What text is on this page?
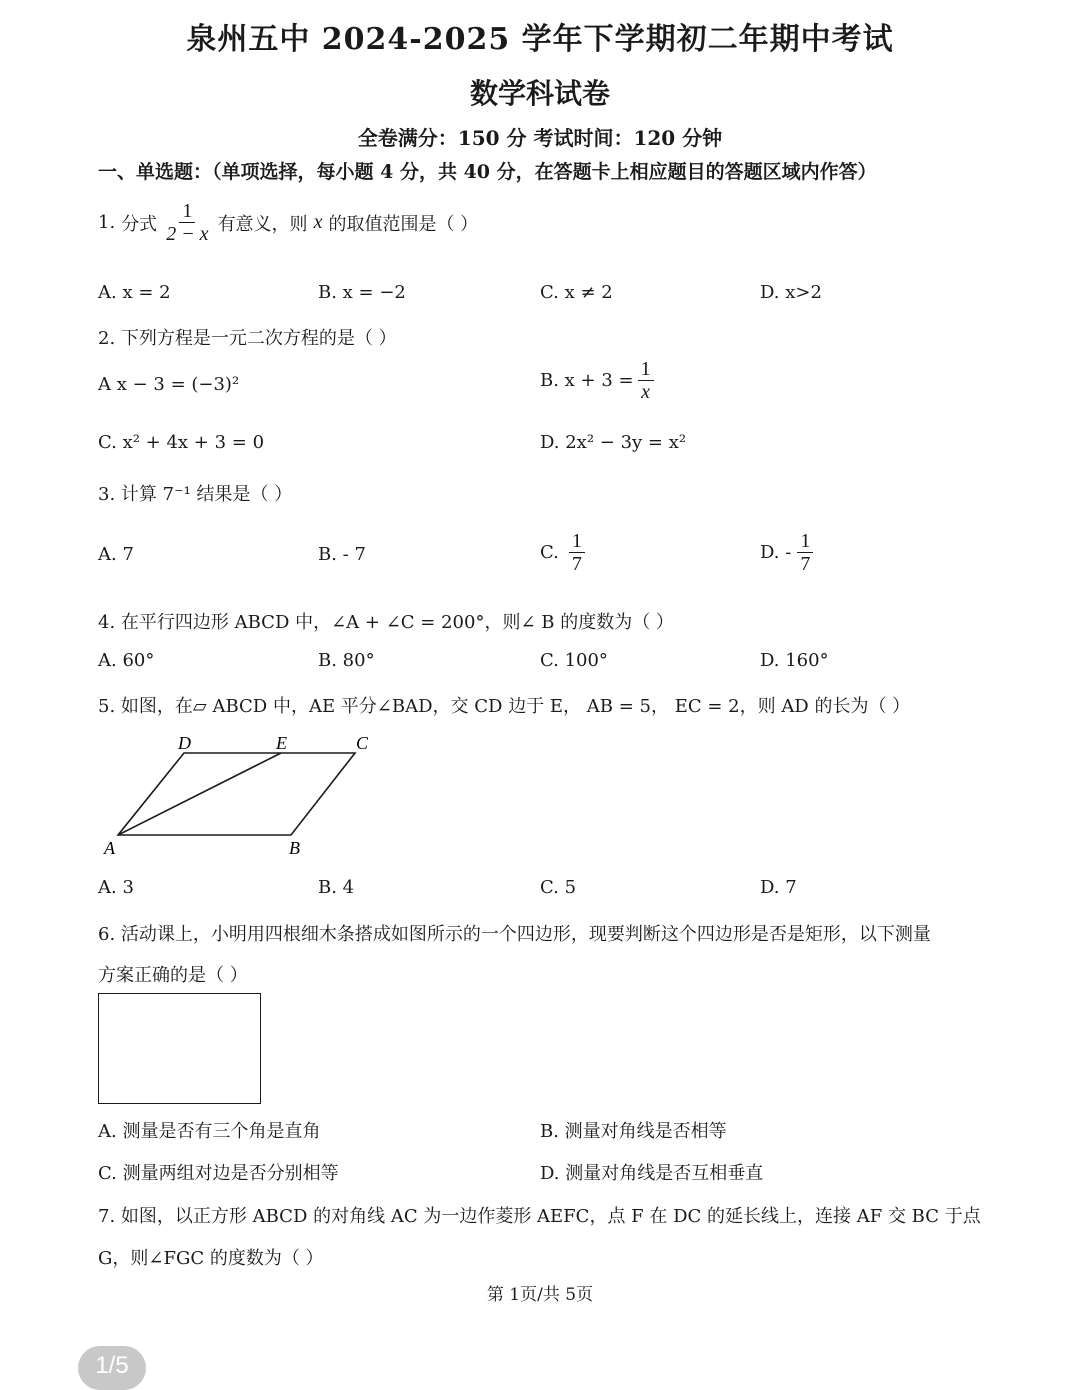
泉州五中 2024-2025 学年下学期初二年期中考试
数学科试卷
全卷满分：150 分 考试时间：120 分钟
一、单选题：（单项选择，每小题 4 分，共 40 分，在答题卡上相应题目的答题区域内作答）
1. 分式 $\frac{1}{2 - x}$ 有意义，则 x 的取值范围是（ ）
A. x = 2	B. x = −2	C. x ≠ 2	D. x>2
2. 下列方程是一元二次方程的是（ ）
A x − 3 = (−3)²	B. $x + 3 = \frac{1}{x}$
C. x² + 4x + 3 = 0	D. 2x² − 3y = x²
3. 计算 7⁻¹ 结果是（ ）
A. 7	B. - 7	C. $\frac{1}{7}$	D. - $\frac{1}{7}$
4. 在平行四边形 ABCD 中，∠A + ∠C = 200°，则∠ B 的度数为（ ）
A. 60°	B. 80°	C. 100°	D. 160°
5. 如图，在▱ ABCD 中，AE 平分∠BAD，交 CD 边于 E， AB = 5， EC = 2，则 AD 的长为（ ）
D	E	C
A	B
A. 3	B. 4	C. 5	D. 7
6. 活动课上，小明用四根细木条搭成如图所示的一个四边形，现要判断这个四边形是否是矩形，以下测量
方案正确的是（ ）
A. 测量是否有三个角是直角	B. 测量对角线是否相等
C. 测量两组对边是否分别相等	D. 测量对角线是否互相垂直
7. 如图，以正方形 ABCD 的对角线 AC 为一边作菱形 AEFC，点 F 在 DC 的延长线上，连接 AF 交 BC 于点
G，则∠FGC 的度数为（ ）
第 1页/共 5页
1/5
